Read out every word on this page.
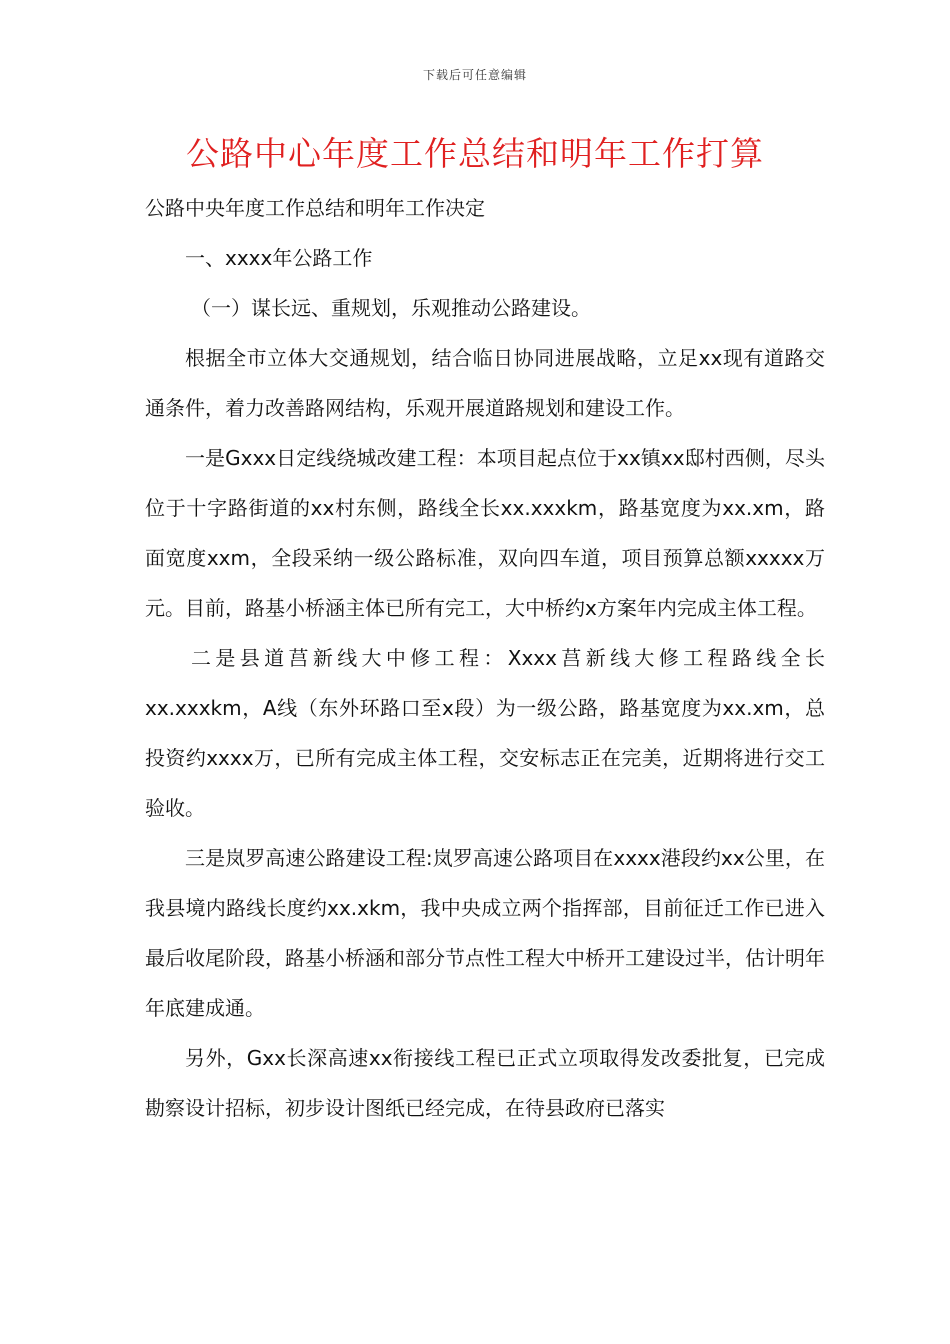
下载后可任意编辑
公路中心年度工作总结和明年工作打算

公路中央年度工作总结和明年工作决定

一、xxxx年公路工作

（一）谋长远、重规划，乐观推动公路建设。

根据全市立体大交通规划，结合临日协同进展战略，立足xx现有道路交通条件，着力改善路网结构，乐观开展道路规划和建设工作。

一是Gxxx日定线绕城改建工程：本项目起点位于xx镇xx邸村西侧，尽头位于十字路街道的xx村东侧，路线全长xx.xxxkm，路基宽度为xx.xm，路面宽度xxm，全段采纳一级公路标准，双向四车道，项目预算总额xxxxx万元。目前，路基小桥涵主体已所有完工，大中桥约x方案年内完成主体工程。

二是县道莒新线大中修工程：Xxxx莒新线大修工程路线全长xx.xxxkm，A线（东外环路口至x段）为一级公路，路基宽度为xx.xm，总投资约xxxx万，已所有完成主体工程，交安标志正在完美，近期将进行交工验收。

三是岚罗高速公路建设工程:岚罗高速公路项目在xxxx港段约xx公里，在我县境内路线长度约xx.xkm，我中央成立两个指挥部，目前征迁工作已进入最后收尾阶段，路基小桥涵和部分节点性工程大中桥开工建设过半，估计明年年底建成通。

另外，Gxx长深高速xx衔接线工程已正式立项取得发改委批复，已完成勘察设计招标，初步设计图纸已经完成，在待县政府已落实
